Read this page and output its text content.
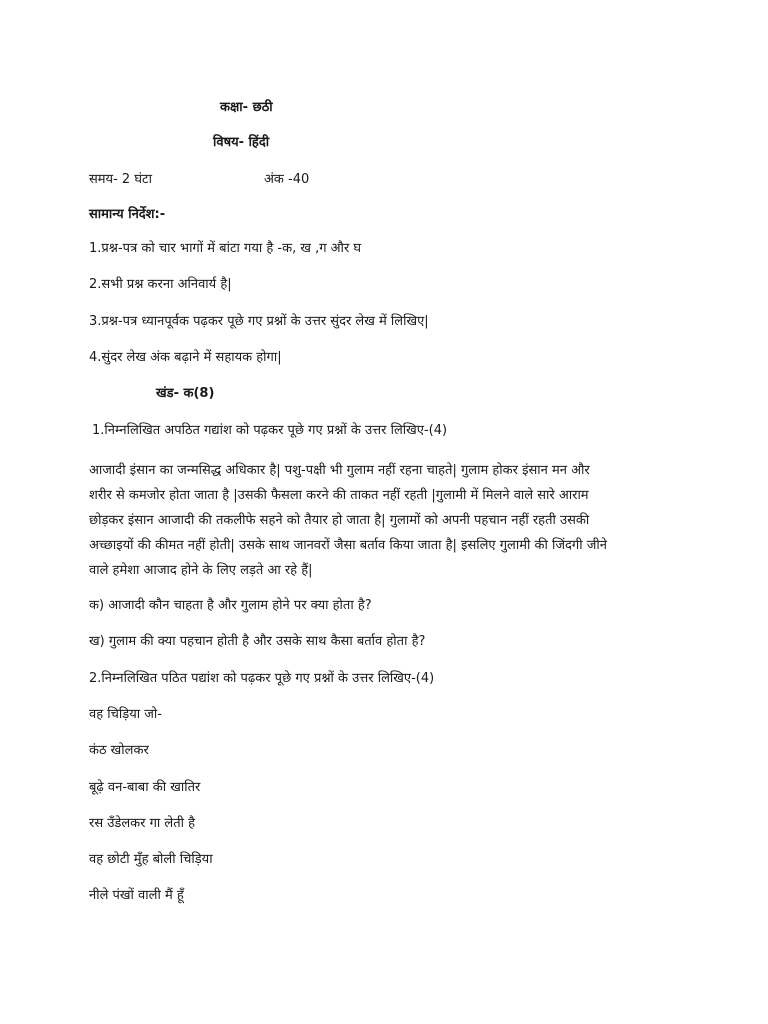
कक्षा- छठी
विषय- हिंदी
समय- 2 घंटा	अंक -40
सामान्य निर्देश:-
1.प्रश्न-पत्र को चार भागों में बांटा गया है -क, ख ,ग और घ
2.सभी प्रश्न करना अनिवार्य है|
3.प्रश्न-पत्र ध्यानपूर्वक पढ़कर पूछे गए प्रश्नों के उत्तर सुंदर लेख में लिखिए|
4.सुंदर लेख अंक बढ़ाने में सहायक होगा|
खंड- क(8)
1.निम्नलिखित अपठित गद्यांश को पढ़कर पूछे गए प्रश्नों के उत्तर लिखिए-(4)
आजादी इंसान का जन्मसिद्ध अधिकार है| पशु-पक्षी भी गुलाम नहीं रहना चाहते| गुलाम होकर इंसान मन और
शरीर से कमजोर होता जाता है |उसकी फैसला करने की ताकत नहीं रहती |गुलामी में मिलने वाले सारे आराम
छोड़कर इंसान आजादी की तकलीफे सहने को तैयार हो जाता है| गुलामों को अपनी पहचान नहीं रहती उसकी
अच्छाइयों की कीमत नहीं होती| उसके साथ जानवरों जैसा बर्ताव किया जाता है| इसलिए गुलामी की जिंदगी जीने
वाले हमेशा आजाद होने के लिए लड़ते आ रहे हैं|
क) आजादी कौन चाहता है और गुलाम होने पर क्या होता है?
ख) गुलाम की क्या पहचान होती है और उसके साथ कैसा बर्ताव होता है?
2.निम्नलिखित पठित पद्यांश को पढ़कर पूछे गए प्रश्नों के उत्तर लिखिए-(4)
वह चिड़िया जो-
कंठ खोलकर
बूढ़े वन-बाबा की खातिर
रस उँडेलकर गा लेती है
वह छोटी मुँह बोली चिड़िया
नीले पंखों वाली मैं हूँ
